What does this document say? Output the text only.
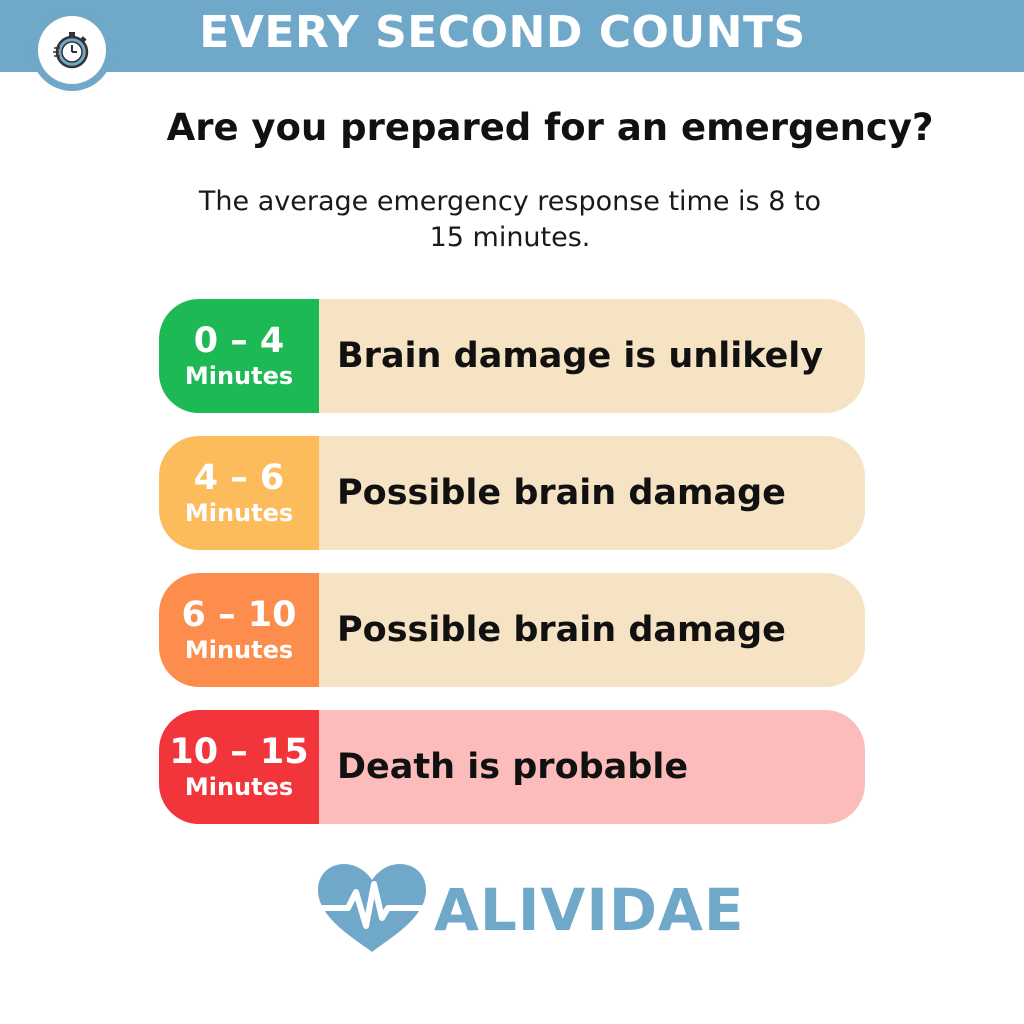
EVERY SECOND COUNTS
Are you prepared for an emergency?
The average emergency response time is 8 to 15 minutes.
0 – 4
Minutes	Brain damage is unlikely
4 – 6
Minutes	Possible brain damage
6 – 10
Minutes	Possible brain damage
10 – 15
Minutes	Death is probable
ALIVIDAE
